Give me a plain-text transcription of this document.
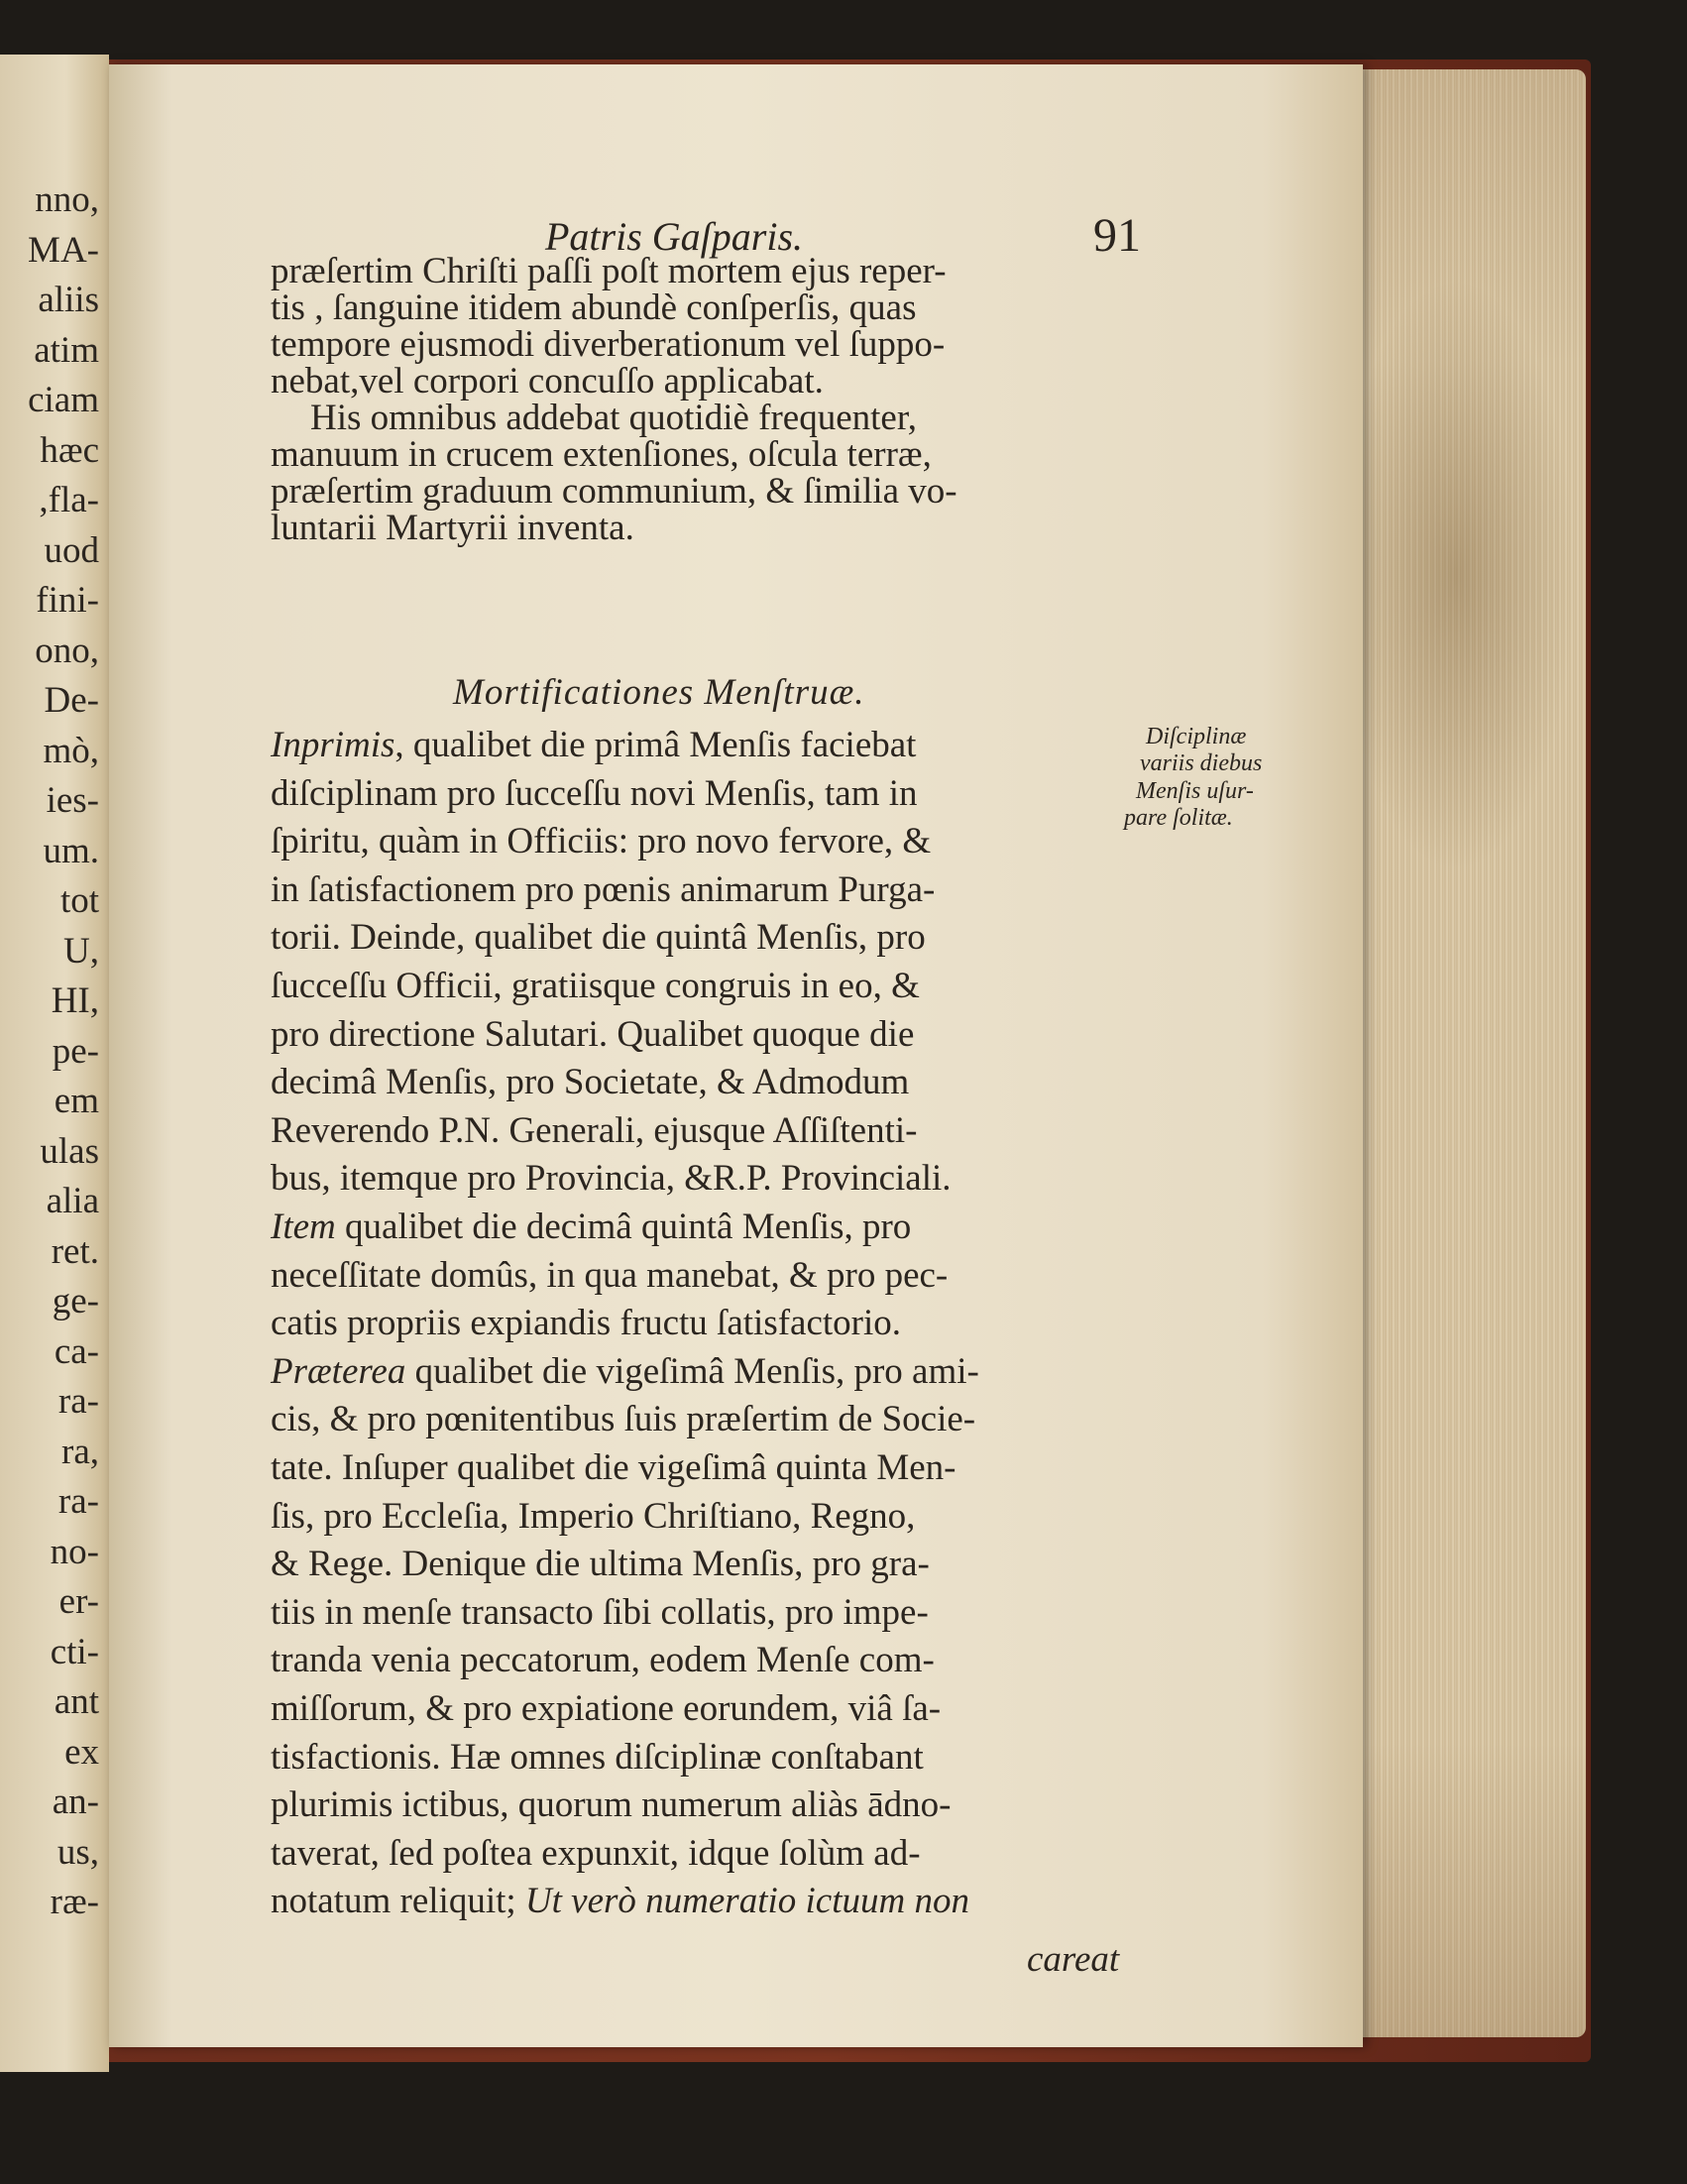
nno,
MA-
aliis
atim
ciam
hæc
,fla-
uod
fini-
ono,
De-
mò,
ies-
um.
tot
U,
HI,
pe-
em
ulas
alia
ret.
ge-
ca-
ra-
ra,
ra-
no-
er-
cti-
ant
ex
an-
us,
ræ-
Patris Gaſparis.	91
præſertim Chriſti paſſi poſt mortem ejus reper-
tis , ſanguine itidem abundè conſperſis, quas
tempore ejusmodi diverberationum vel ſuppo-
nebat,vel corpori concuſſo applicabat.
His omnibus addebat quotidiè frequenter,
manuum in crucem extenſiones, oſcula terræ,
præſertim graduum communium, & ſimilia vo-
luntarii Martyrii inventa.
Mortificationes Menſtruæ.
Inprimis, qualibet die primâ Menſis faciebat
diſciplinam pro ſucceſſu novi Menſis, tam in
ſpiritu, quàm in Officiis: pro novo fervore, &
in ſatisfactionem pro pœnis animarum Purga-
torii. Deinde, qualibet die quintâ Menſis, pro
ſucceſſu Officii, gratiisque congruis in eo, &
pro directione Salutari. Qualibet quoque die
decimâ Menſis, pro Societate, & Admodum
Reverendo P.N. Generali, ejusque Aſſiſtenti-
bus, itemque pro Provincia, &R.P. Provinciali.
Item qualibet die decimâ quintâ Menſis, pro
neceſſitate domûs, in qua manebat, & pro pec-
catis propriis expiandis fructu ſatisfactorio.
Præterea qualibet die vigeſimâ Menſis, pro ami-
cis, & pro pœnitentibus ſuis præſertim de Socie-
tate. Inſuper qualibet die vigeſimâ quinta Men-
ſis, pro Eccleſia, Imperio Chriſtiano, Regno,
& Rege. Denique die ultima Menſis, pro gra-
tiis in menſe transacto ſibi collatis, pro impe-
tranda venia peccatorum, eodem Menſe com-
miſſorum, & pro expiatione eorundem, viâ ſa-
tisfactionis. Hæ omnes diſciplinæ conſtabant
plurimis ictibus, quorum numerum aliàs ādno-
taverat, ſed poſtea expunxit, idque ſolùm ad-
notatum reliquit; Ut verò numeratio ictuum non
Diſciplinæ
variis diebus
Menſis uſur-
pare ſolitæ.
careat
